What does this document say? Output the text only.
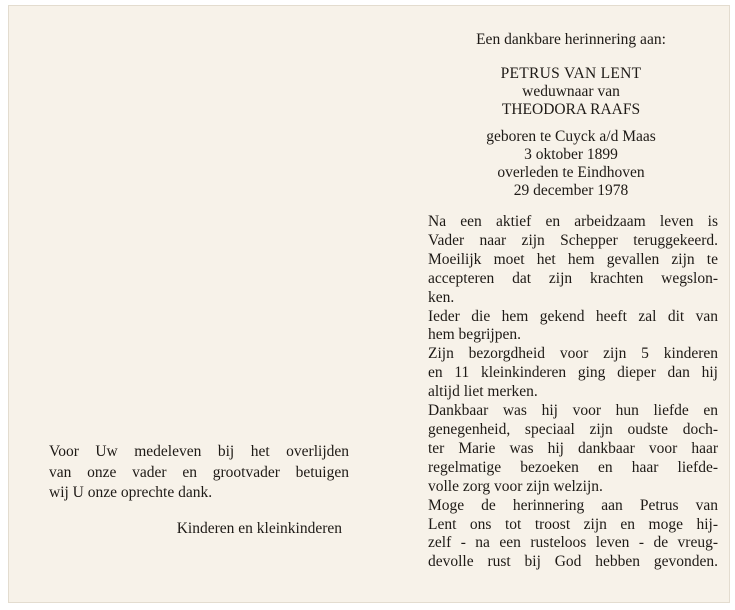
Voor Uw medeleven bij het overlijden
van onze vader en grootvader betuigen
wij U onze oprechte dank.
Kinderen en kleinkinderen
Een dankbare herinnering aan:
PETRUS VAN LENT
weduwnaar van
THEODORA RAAFS
geboren te Cuyck a/d Maas
3 oktober 1899
overleden te Eindhoven
29 december 1978
Na een aktief en arbeidzaam leven is
Vader naar zijn Schepper teruggekeerd.
Moeilijk moet het hem gevallen zijn te
accepteren dat zijn krachten wegslon-
ken.
Ieder die hem gekend heeft zal dit van
hem begrijpen.
Zijn bezorgdheid voor zijn 5 kinderen
en 11 kleinkinderen ging dieper dan hij
altijd liet merken.
Dankbaar was hij voor hun liefde en
genegenheid, speciaal zijn oudste doch-
ter Marie was hij dankbaar voor haar
regelmatige bezoeken en haar liefde-
volle zorg voor zijn welzijn.
Moge de herinnering aan Petrus van
Lent ons tot troost zijn en moge hij-
zelf - na een rusteloos leven - de vreug-
devolle rust bij God hebben gevonden.
